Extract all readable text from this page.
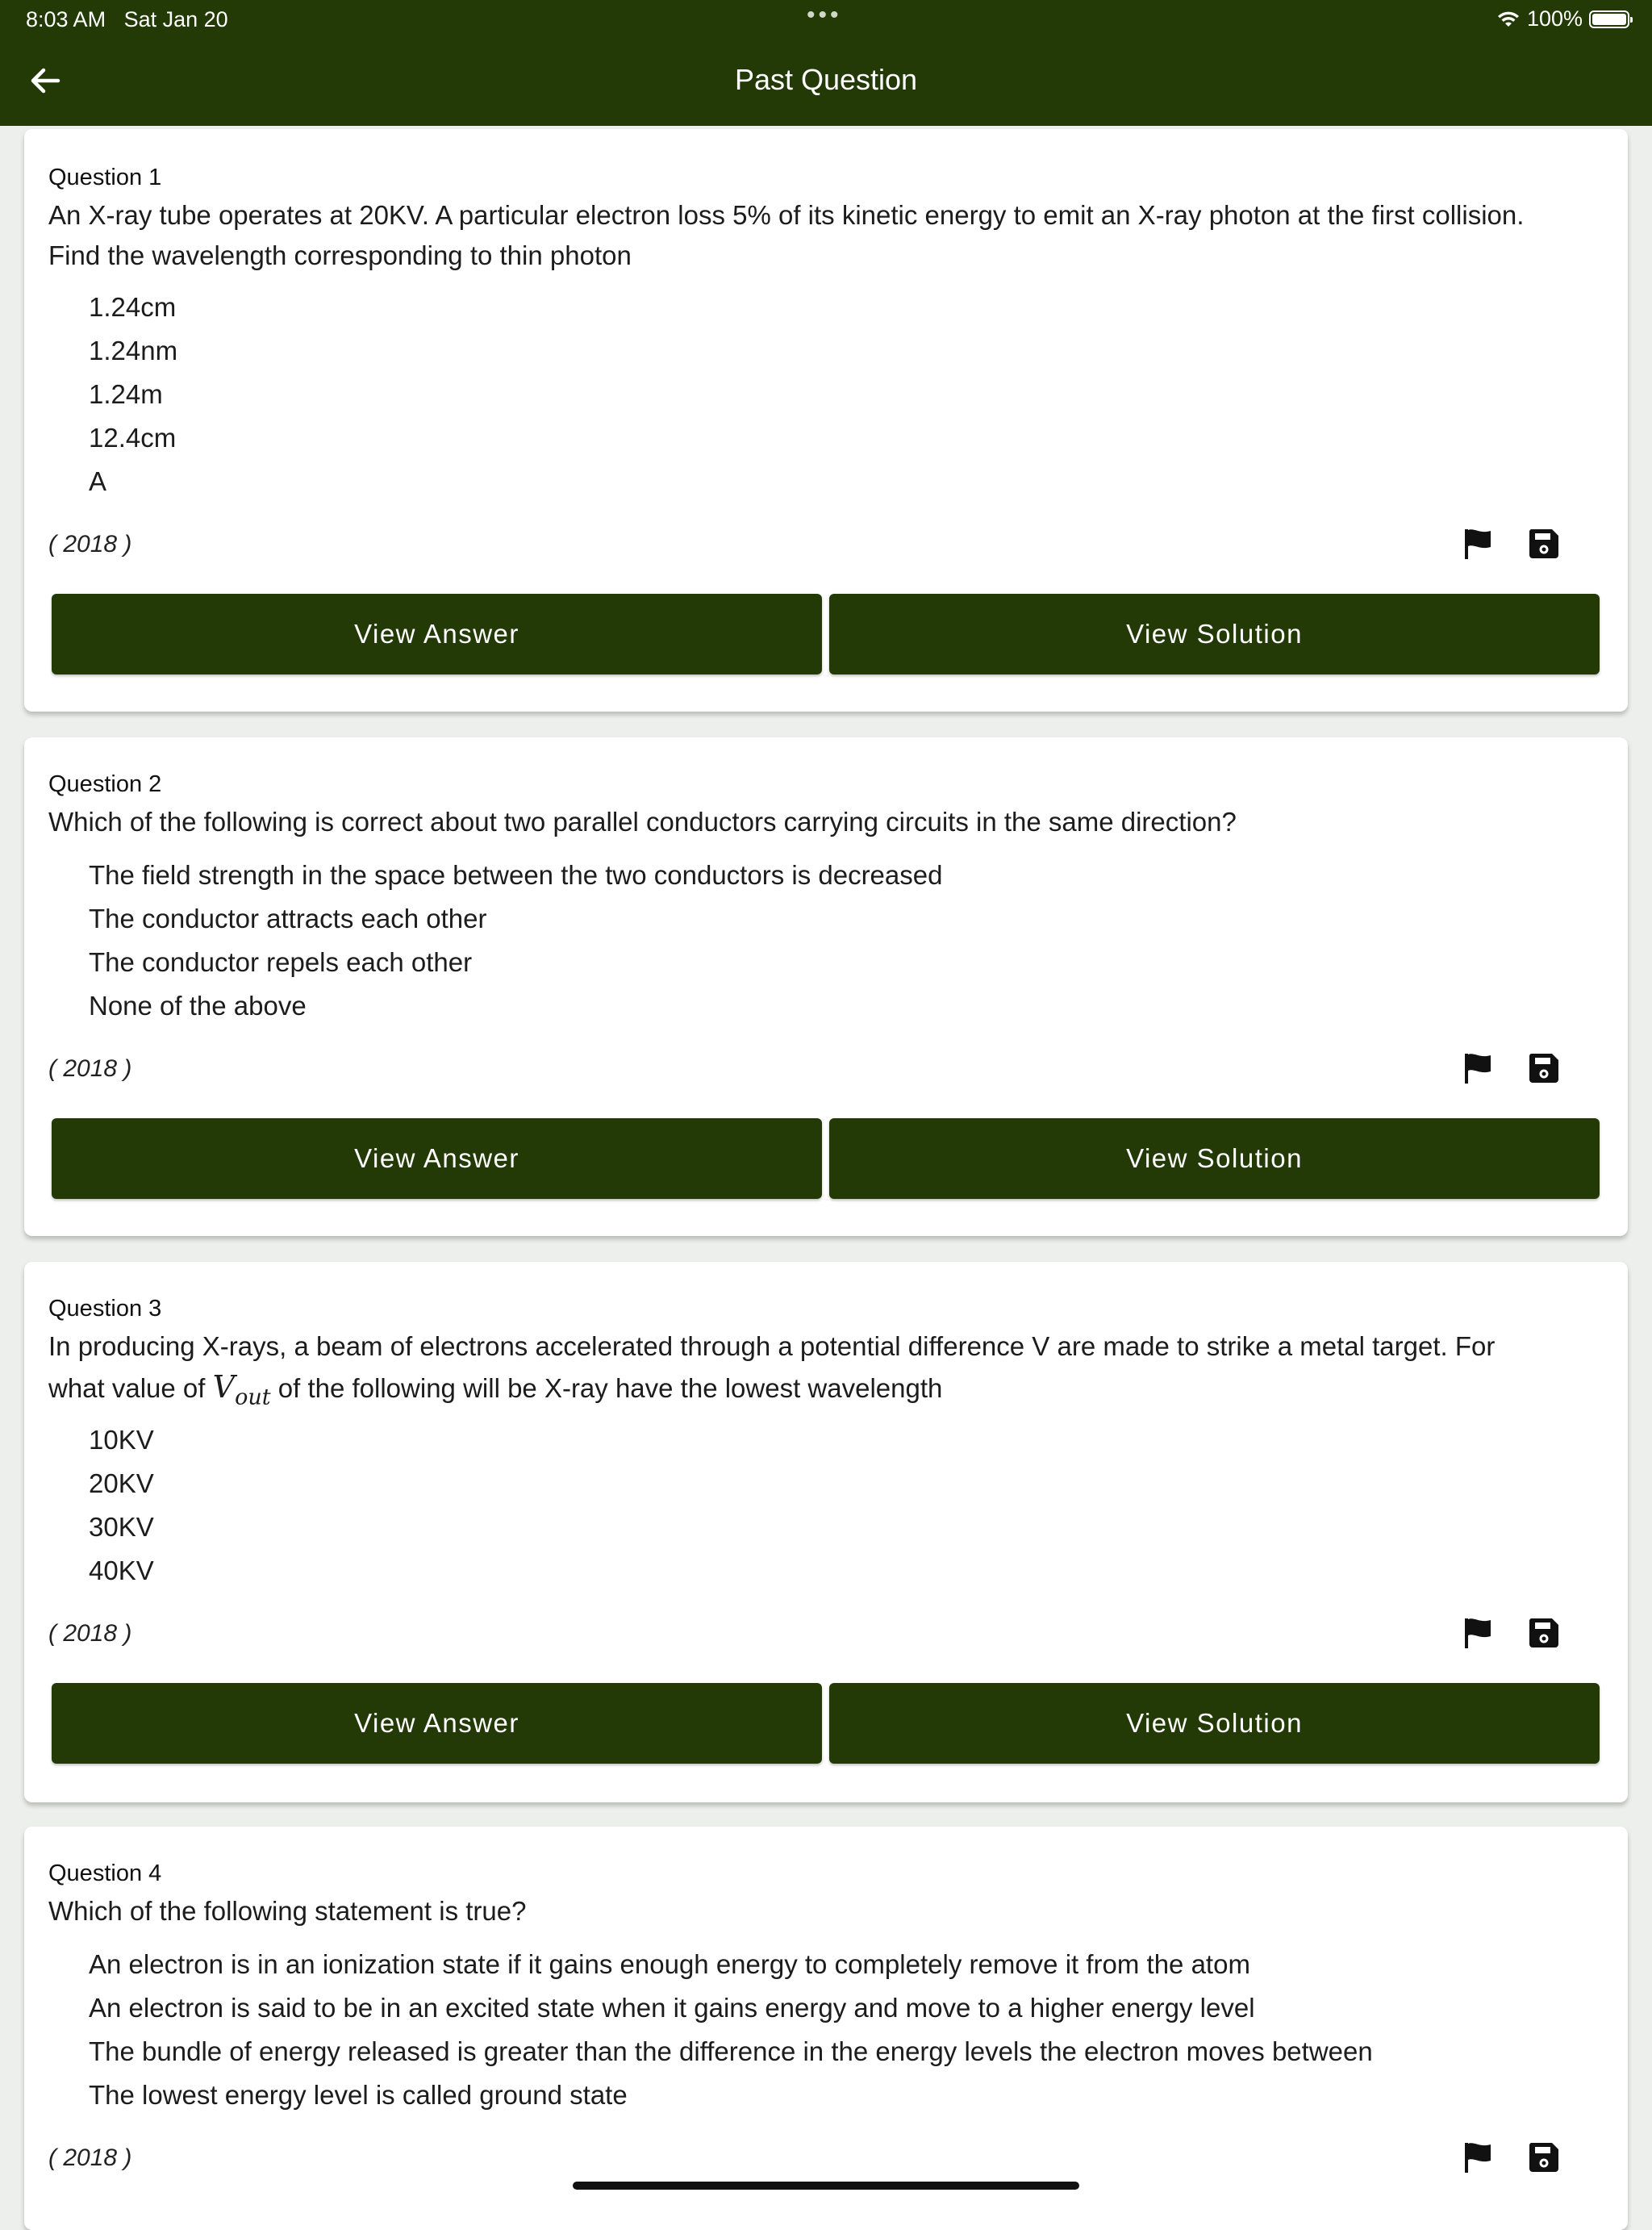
8:03 AM Sat Jan 20	•••	100%
Past Question
Question 1
An X-ray tube operates at 20KV. A particular electron loss 5% of its kinetic energy to emit an X-ray photon at the first collision.
Find the wavelength corresponding to thin photon
1.24cm
1.24nm
1.24m
12.4cm
A
( 2018 )
View Answer	View Solution
Question 2
Which of the following is correct about two parallel conductors carrying circuits in the same direction?
The field strength in the space between the two conductors is decreased
The conductor attracts each other
The conductor repels each other
None of the above
( 2018 )
View Answer	View Solution
Question 3
In producing X-rays, a beam of electrons accelerated through a potential difference V are made to strike a metal target. For
what value of $V_{out}$ of the following will be X-ray have the lowest wavelength
10KV
20KV
30KV
40KV
( 2018 )
View Answer	View Solution
Question 4
Which of the following statement is true?
An electron is in an ionization state if it gains enough energy to completely remove it from the atom
An electron is said to be in an excited state when it gains energy and move to a higher energy level
The bundle of energy released is greater than the difference in the energy levels the electron moves between
The lowest energy level is called ground state
( 2018 )
